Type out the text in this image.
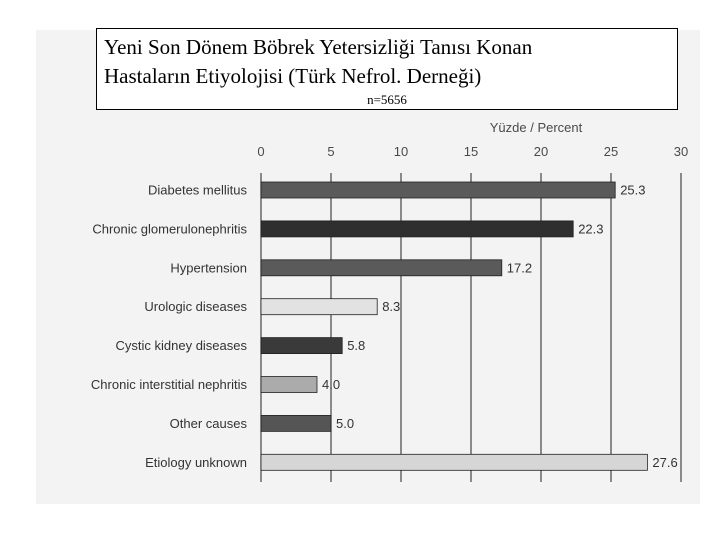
Yüzde / Percent
0	5	10	15	20	25	30
Diabetes mellitus	25.3
Chronic glomerulonephritis	22.3
Hypertension	17.2
Urologic diseases	8.3
Cystic kidney diseases	5.8
Chronic interstitial nephritis	4.0
Other causes	5.0
Etiology unknown	27.6
Yeni Son Dönem Böbrek Yetersizliği Tanısı Konan
Hastaların Etiyolojisi (Türk Nefrol. Derneği)
n=5656
